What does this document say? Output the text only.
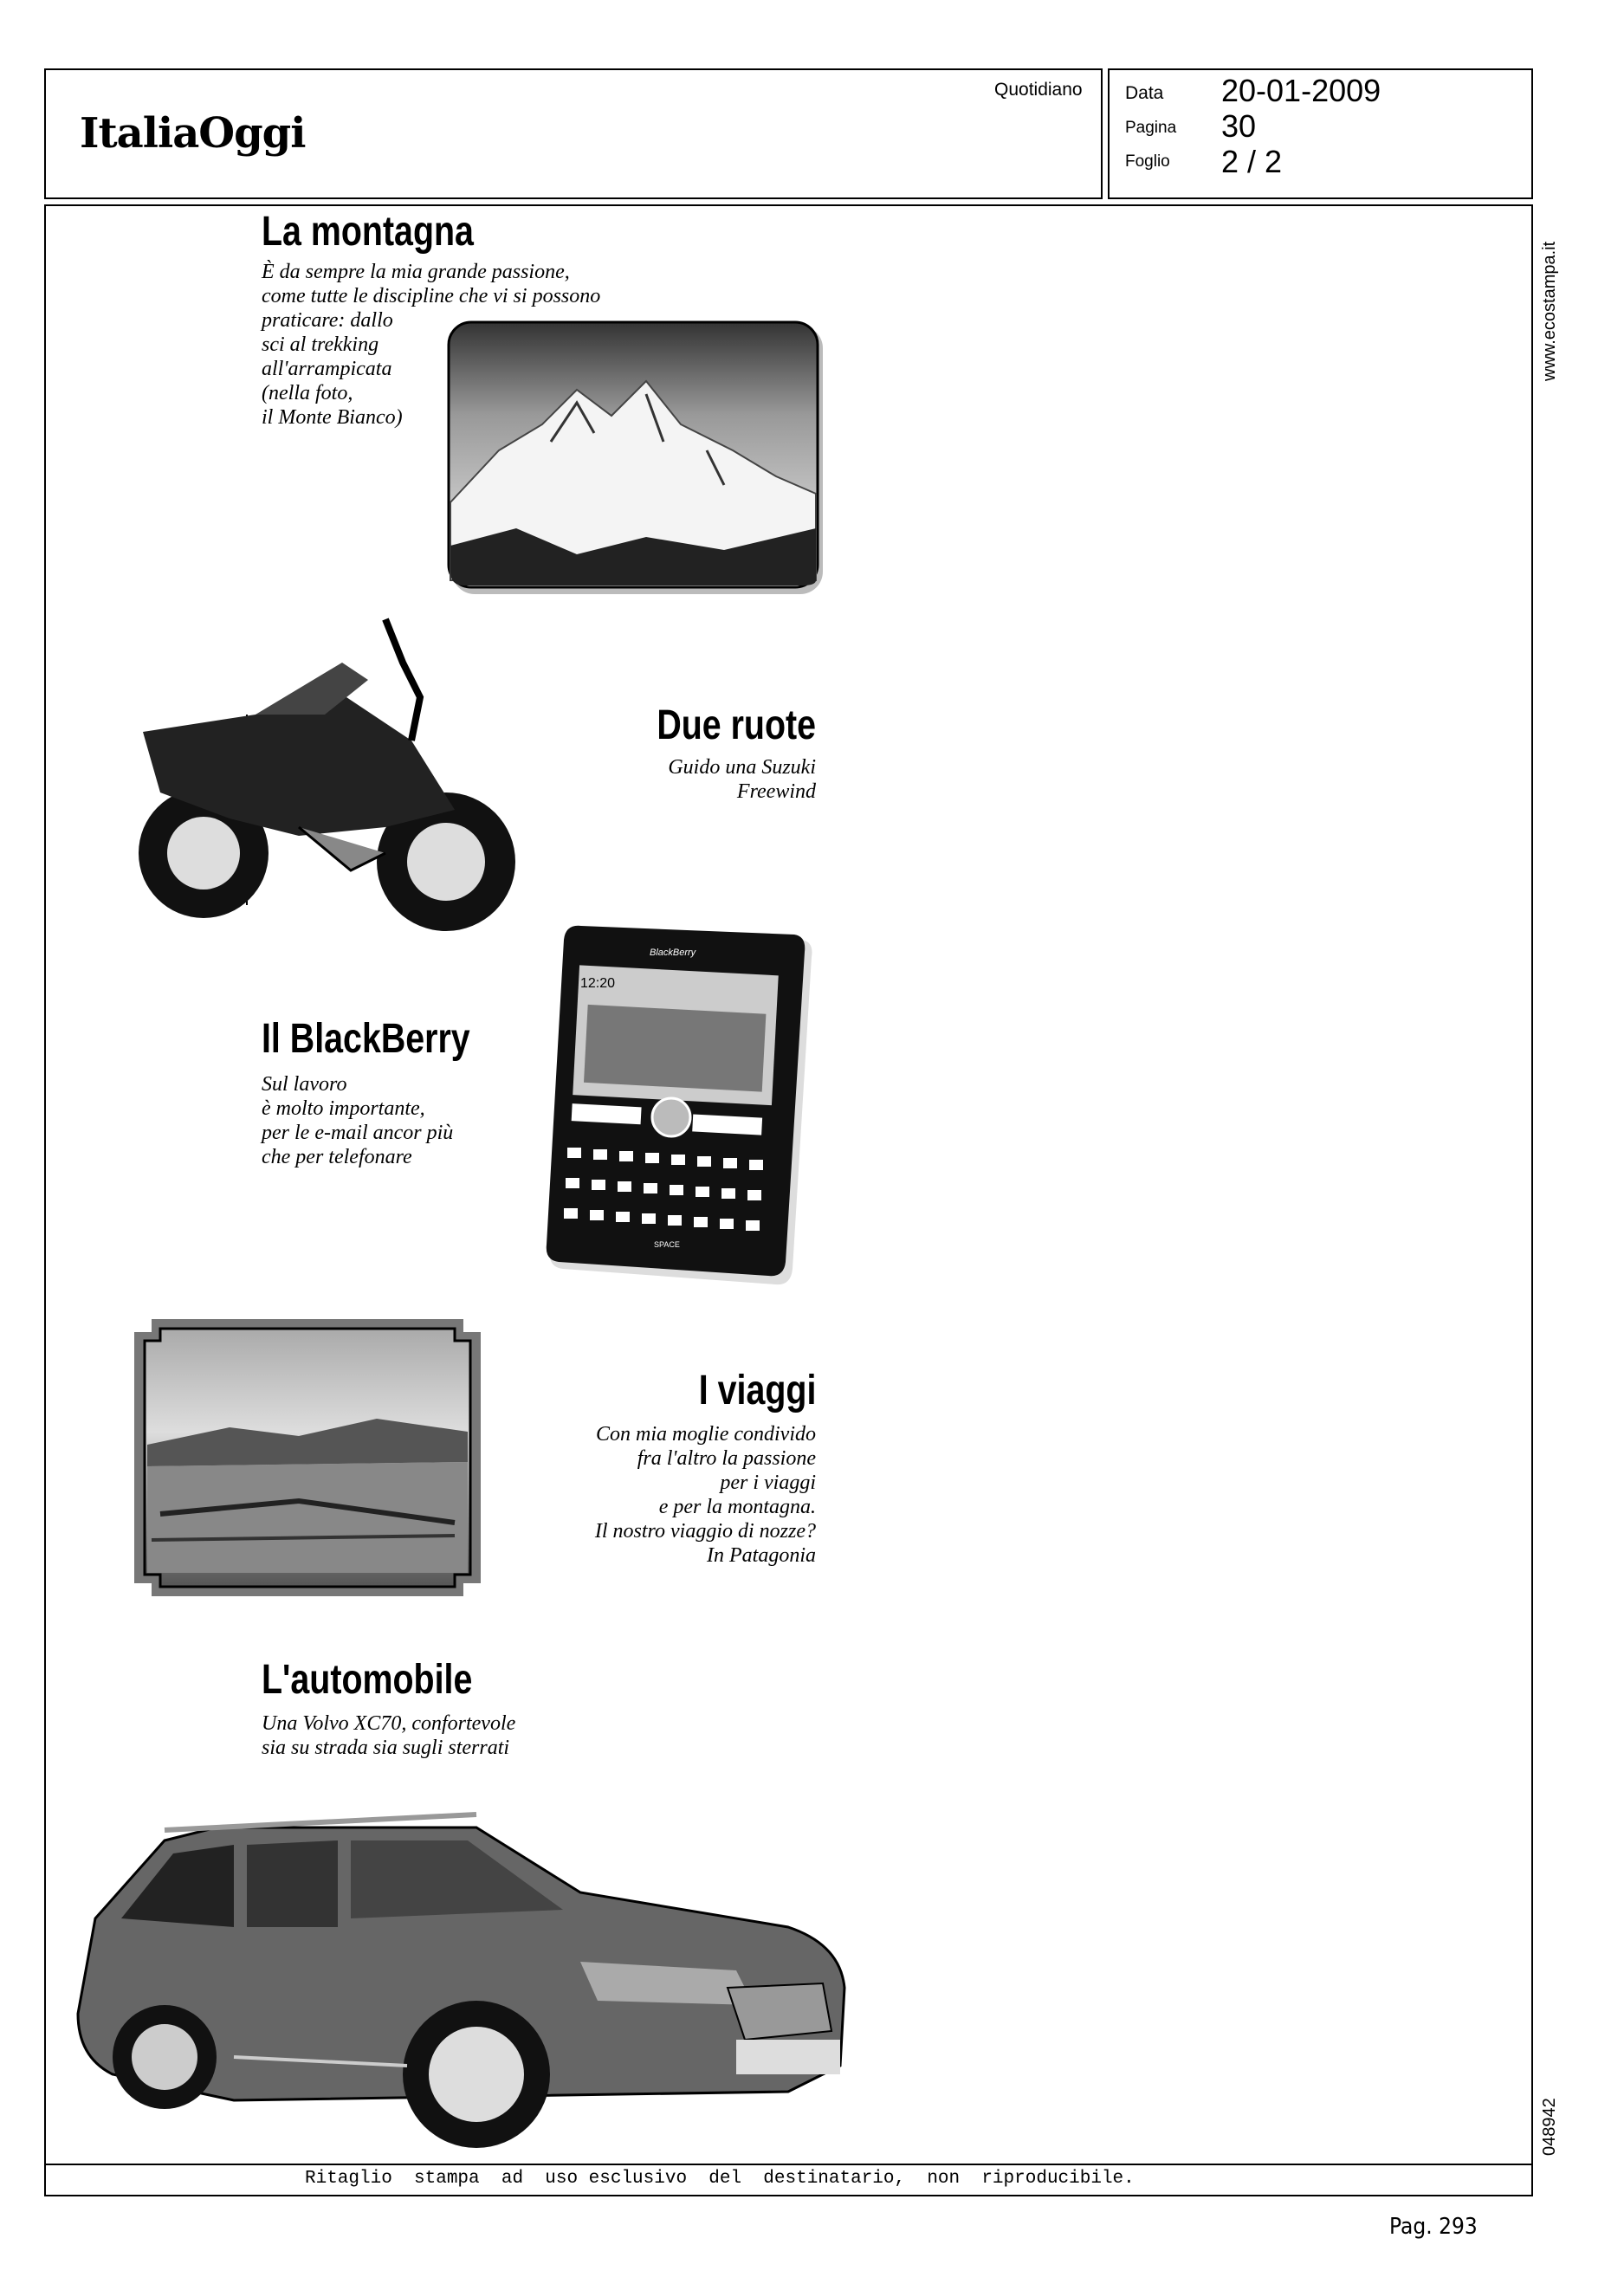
ItaliaOggi
Quotidiano Data 20-01-2009
Pagina 30
Foglio 2 / 2
www.ecostampa.it
048942
La montagna
È da sempre la mia grande passione,
come tutte le discipline che vi si possono
praticare: dallo
sci al trekking
all'arrampicata
(nella foto,
il Monte Bianco)
Due ruote
Guido una Suzuki
Freewind
Il BlackBerry
Sul lavoro
è molto importante,
per le e-mail ancor più
che per telefonare
BlackBerry
12:20
SPACE
I viaggi
Con mia moglie condivido
fra l'altro la passione
per i viaggi
e per la montagna.
Il nostro viaggio di nozze?
In Patagonia
L'automobile
Una Volvo XC70, confortevole
sia su strada sia sugli sterrati
Ritaglio  stampa  ad  uso esclusivo  del  destinatario,  non  riproducibile.
Pag. 293
